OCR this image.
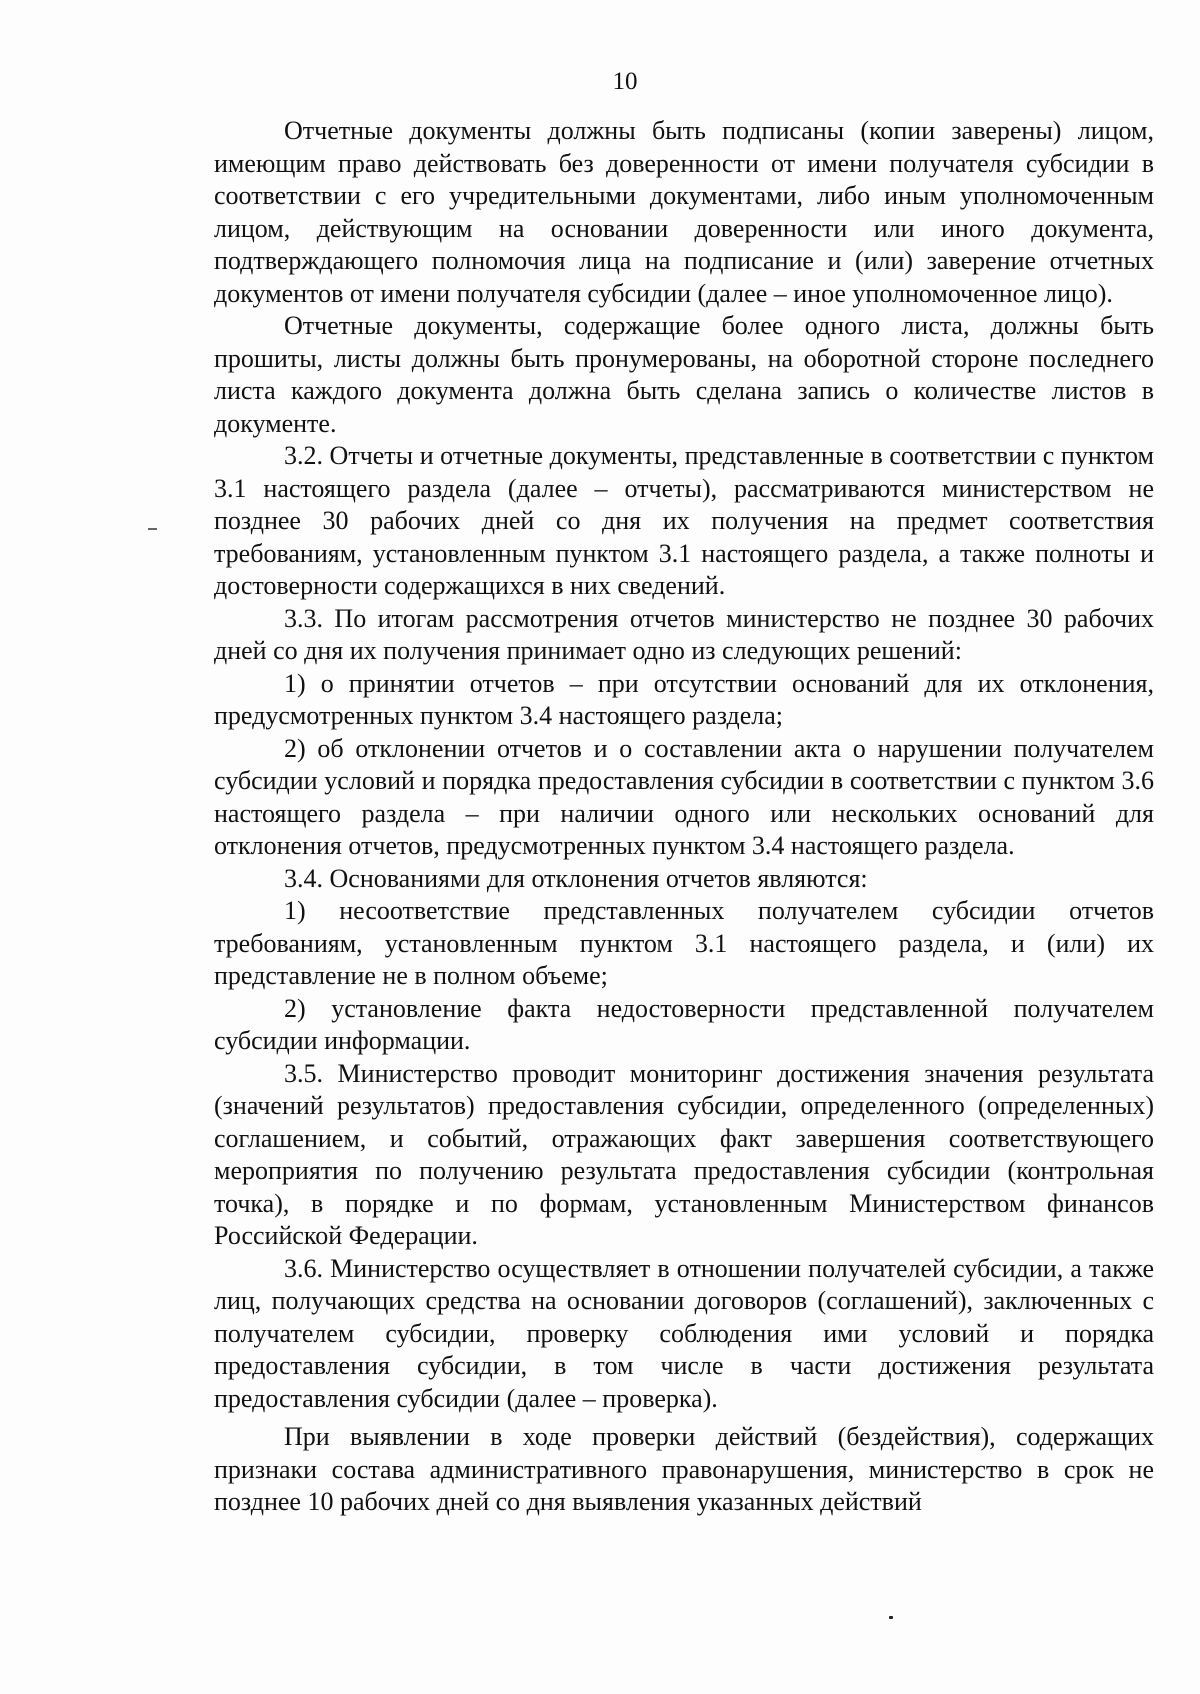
10

Отчетные документы должны быть подписаны (копии заверены) лицом, имеющим право действовать без доверенности от имени получателя субсидии в соответствии с его учредительными документами, либо иным уполномоченным лицом, действующим на основании доверенности или иного документа, подтверждающего полномочия лица на подписание и (или) заверение отчетных документов от имени получателя субсидии (далее – иное уполномоченное лицо).

Отчетные документы, содержащие более одного листа, должны быть прошиты, листы должны быть пронумерованы, на оборотной стороне последнего листа каждого документа должна быть сделана запись о количестве листов в документе.

3.2. Отчеты и отчетные документы, представленные в соответствии с пунктом 3.1 настоящего раздела (далее – отчеты), рассматриваются министерством не позднее 30 рабочих дней со дня их получения на предмет соответствия требованиям, установленным пунктом 3.1 настоящего раздела, а также полноты и достоверности содержащихся в них сведений.

3.3. По итогам рассмотрения отчетов министерство не позднее 30 рабочих дней со дня их получения принимает одно из следующих решений:

1) о принятии отчетов – при отсутствии оснований для их отклонения, предусмотренных пунктом 3.4 настоящего раздела;

2) об отклонении отчетов и о составлении акта о нарушении получателем субсидии условий и порядка предоставления субсидии в соответствии с пунктом 3.6 настоящего раздела – при наличии одного или нескольких оснований для отклонения отчетов, предусмотренных пунктом 3.4 настоящего раздела.

3.4. Основаниями для отклонения отчетов являются:

1) несоответствие представленных получателем субсидии отчетов требованиям, установленным пунктом 3.1 настоящего раздела, и (или) их представление не в полном объеме;

2) установление факта недостоверности представленной получателем субсидии информации.

3.5. Министерство проводит мониторинг достижения значения результата (значений результатов) предоставления субсидии, определенного (определенных) соглашением, и событий, отражающих факт завершения соответствующего мероприятия по получению результата предоставления субсидии (контрольная точка), в порядке и по формам, установленным Министерством финансов Российской Федерации.

3.6. Министерство осуществляет в отношении получателей субсидии, а также лиц, получающих средства на основании договоров (соглашений), заключенных с получателем субсидии, проверку соблюдения ими условий и порядка предоставления субсидии, в том числе в части достижения результата предоставления субсидии (далее – проверка).

При выявлении в ходе проверки действий (бездействия), содержащих признаки состава административного правонарушения, министерство в срок не позднее 10 рабочих дней со дня выявления указанных действий
